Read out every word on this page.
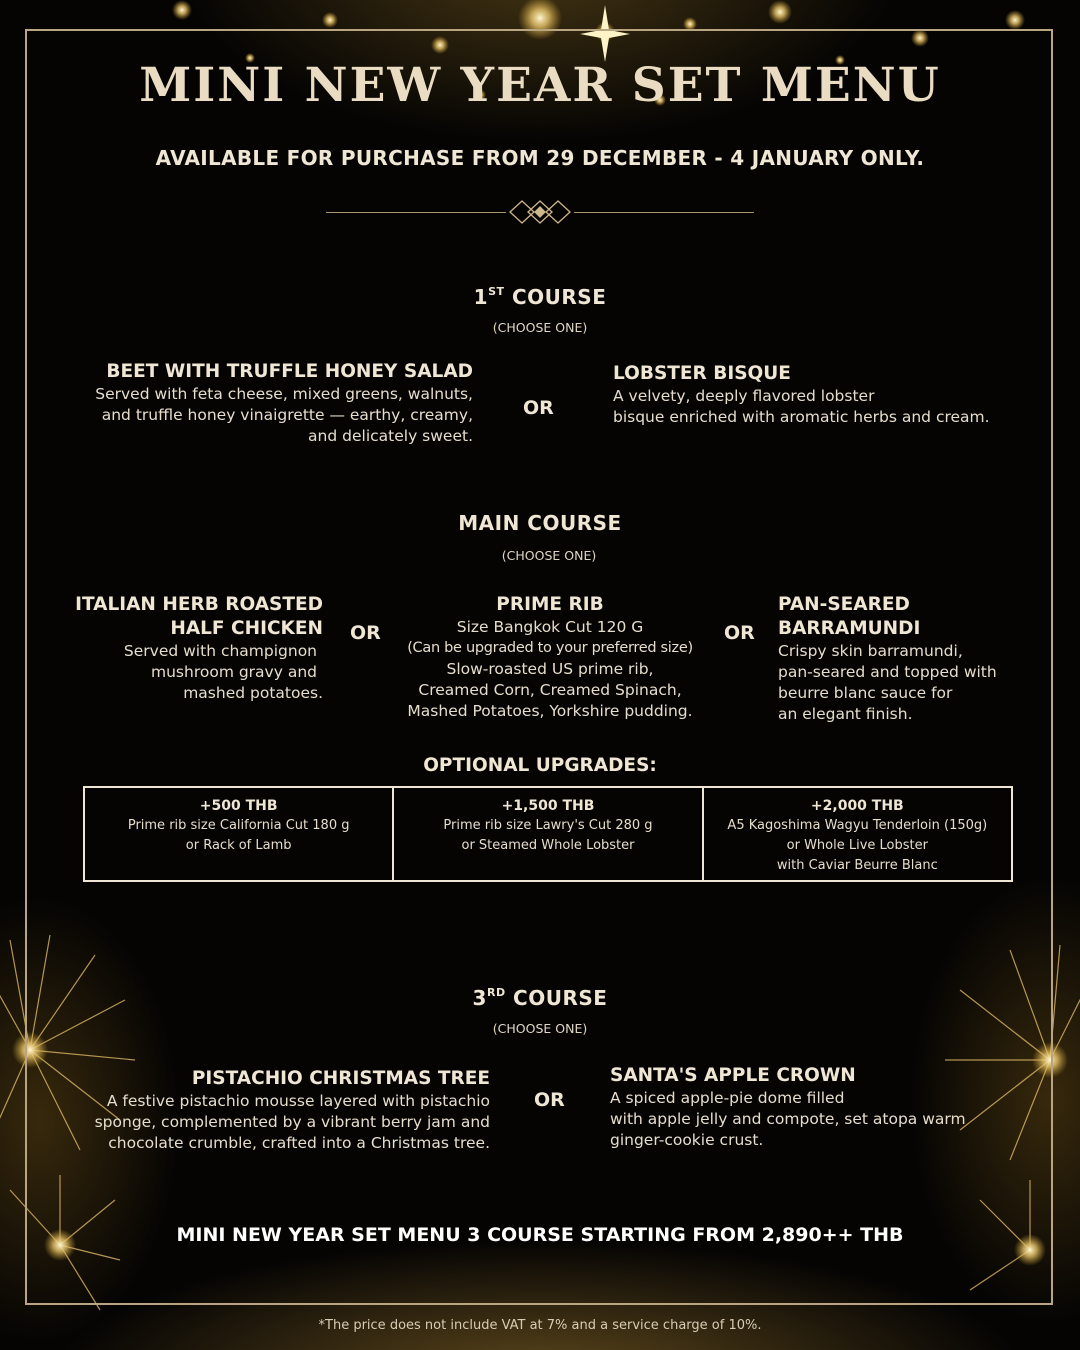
MINI NEW YEAR SET MENU
AVAILABLE FOR PURCHASE FROM 29 DECEMBER - 4 JANUARY ONLY.
1ST COURSE
(CHOOSE ONE)
BEET WITH TRUFFLE HONEY SALAD
Served with feta cheese, mixed greens, walnuts,
and truffle honey vinaigrette — earthy, creamy,
and delicately sweet.
OR
LOBSTER BISQUE
A velvety, deeply flavored lobster
bisque enriched with aromatic herbs and cream.
MAIN COURSE
(CHOOSE ONE)
ITALIAN HERB ROASTED
HALF CHICKEN
Served with champignon
mushroom gravy and
mashed potatoes.
OR
PRIME RIB
Size Bangkok Cut 120 G
(Can be upgraded to your preferred size)
Slow-roasted US prime rib,
Creamed Corn, Creamed Spinach,
Mashed Potatoes, Yorkshire pudding.
OR
PAN-SEARED
BARRAMUNDI
Crispy skin barramundi,
pan-seared and topped with
beurre blanc sauce for
an elegant finish.
OPTIONAL UPGRADES:
+500 THB
Prime rib size California Cut 180 g
or Rack of Lamb
+1,500 THB
Prime rib size Lawry's Cut 280 g
or Steamed Whole Lobster
+2,000 THB
A5 Kagoshima Wagyu Tenderloin (150g)
or Whole Live Lobster
with Caviar Beurre Blanc
3RD COURSE
(CHOOSE ONE)
PISTACHIO CHRISTMAS TREE
A festive pistachio mousse layered with pistachio
sponge, complemented by a vibrant berry jam and
chocolate crumble, crafted into a Christmas tree.
OR
SANTA'S APPLE CROWN
A spiced apple-pie dome filled
with apple jelly and compote, set atopa warm
ginger-cookie crust.
MINI NEW YEAR SET MENU 3 COURSE STARTING FROM 2,890++ THB
*The price does not include VAT at 7% and a service charge of 10%.
